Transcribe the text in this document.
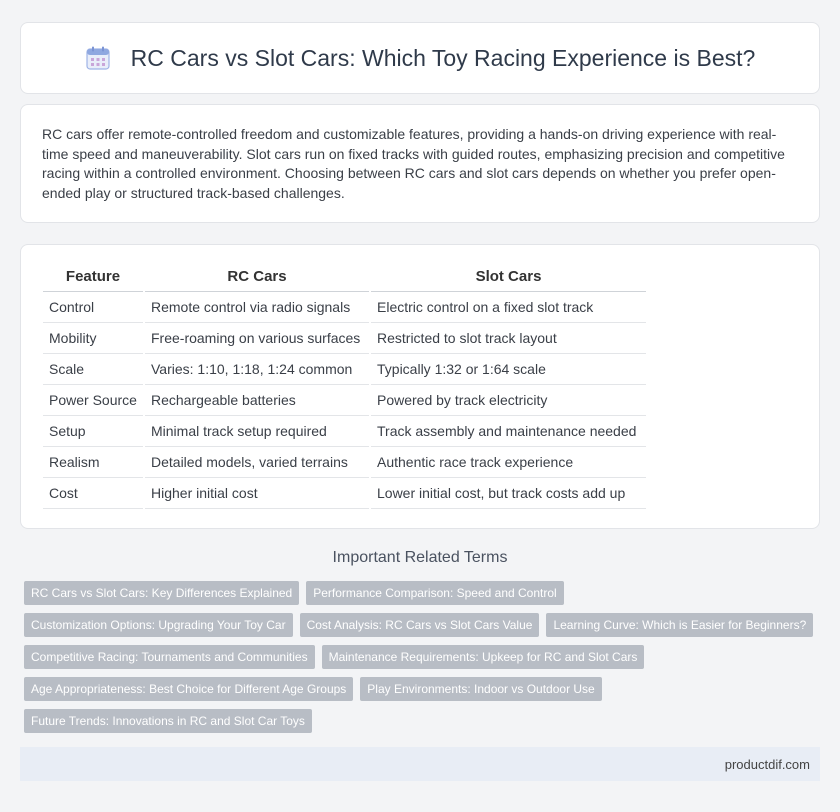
RC Cars vs Slot Cars: Which Toy Racing Experience is Best?

RC cars offer remote-controlled freedom and customizable features, providing a hands-on driving experience with real-time speed and maneuverability. Slot cars run on fixed tracks with guided routes, emphasizing precision and competitive racing within a controlled environment. Choosing between RC cars and slot cars depends on whether you prefer open-ended play or structured track-based challenges.

Feature	RC Cars	Slot Cars
Control	Remote control via radio signals	Electric control on a fixed slot track
Mobility	Free-roaming on various surfaces	Restricted to slot track layout
Scale	Varies: 1:10, 1:18, 1:24 common	Typically 1:32 or 1:64 scale
Power Source	Rechargeable batteries	Powered by track electricity
Setup	Minimal track setup required	Track assembly and maintenance needed
Realism	Detailed models, varied terrains	Authentic race track experience
Cost	Higher initial cost	Lower initial cost, but track costs add up
Important Related Terms
RC Cars vs Slot Cars: Key Differences Explained	Performance Comparison: Speed and Control
Customization Options: Upgrading Your Toy Car	Cost Analysis: RC Cars vs Slot Cars Value	Learning Curve: Which is Easier for Beginners?
Competitive Racing: Tournaments and Communities	Maintenance Requirements: Upkeep for RC and Slot Cars
Age Appropriateness: Best Choice for Different Age Groups	Play Environments: Indoor vs Outdoor Use
Future Trends: Innovations in RC and Slot Car Toys
productdif.com
